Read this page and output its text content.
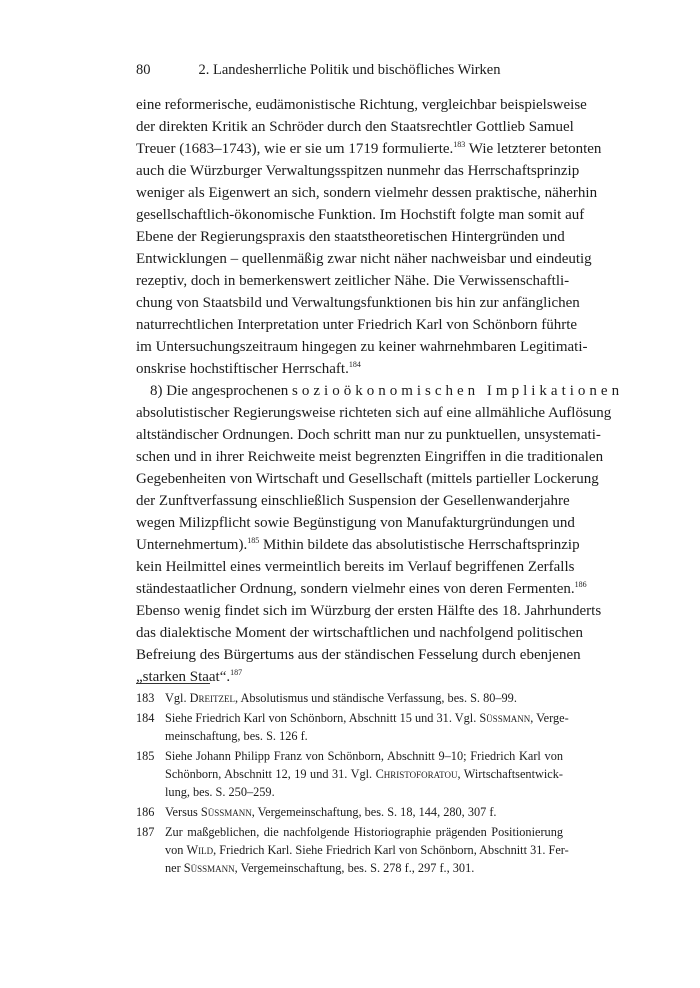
80	2. Landesherrliche Politik und bischöfliches Wirken
eine reformerische, eudämonistische Richtung, vergleichbar beispielsweise
der direkten Kritik an Schröder durch den Staatsrechtler Gottlieb Samuel
Treuer (1683–1743), wie er sie um 1719 formulierte.$^{183}$ Wie letzterer betonten
auch die Würzburger Verwaltungsspitzen nunmehr das Herrschaftsprinzip
weniger als Eigenwert an sich, sondern vielmehr dessen praktische, näherhin
gesellschaftlich-ökonomische Funktion. Im Hochstift folgte man somit auf
Ebene der Regierungspraxis den staatstheoretischen Hintergründen und
Entwicklungen – quellenmäßig zwar nicht näher nachweisbar und eindeutig
rezeptiv, doch in bemerkenswert zeitlicher Nähe. Die Verwissenschaftli-
chung von Staatsbild und Verwaltungsfunktionen bis hin zur anfänglichen
naturrechtlichen Interpretation unter Friedrich Karl von Schönborn führte
im Untersuchungszeitraum hingegen zu keiner wahrnehmbaren Legitimati-
onskrise hochstiftischer Herrschaft.$^{184}$
8) Die angesprochenen sozioökonomischen Implikationen
absolutistischer Regierungsweise richteten sich auf eine allmähliche Auflösung
altständischer Ordnungen. Doch schritt man nur zu punktuellen, unsystemati-
schen und in ihrer Reichweite meist begrenzten Eingriffen in die traditionalen
Gegebenheiten von Wirtschaft und Gesellschaft (mittels partieller Lockerung
der Zunftverfassung einschließlich Suspension der Gesellenwanderjahre
wegen Milizpflicht sowie Begünstigung von Manufakturgründungen und
Unternehmertum).$^{185}$ Mithin bildete das absolutistische Herrschaftsprinzip
kein Heilmittel eines vermeintlich bereits im Verlauf begriffenen Zerfalls
ständestaatlicher Ordnung, sondern vielmehr eines von deren Fermenten.$^{186}$
Ebenso wenig findet sich im Würzburg der ersten Hälfte des 18. Jahrhunderts
das dialektische Moment der wirtschaftlichen und nachfolgend politischen
Befreiung des Bürgertums aus der ständischen Fesselung durch ebenjenen
„starken Staat“.$^{187}$
183 Vgl. Dreitzel, Absolutismus und ständische Verfassung, bes. S. 80–99.
184 Siehe Friedrich Karl von Schönborn, Abschnitt 15 und 31. Vgl. Süssmann, Verge-
meinschaftung, bes. S. 126 f.
185 Siehe Johann Philipp Franz von Schönborn, Abschnitt 9–10; Friedrich Karl von
Schönborn, Abschnitt 12, 19 und 31. Vgl. Christoforatou, Wirtschaftsentwick-
lung, bes. S. 250–259.
186 Versus Süssmann, Vergemeinschaftung, bes. S. 18, 144, 280, 307 f.
187 Zur maßgeblichen, die nachfolgende Historiographie prägenden Positionierung
von Wild, Friedrich Karl. Siehe Friedrich Karl von Schönborn, Abschnitt 31. Fer-
ner Süssmann, Vergemeinschaftung, bes. S. 278 f., 297 f., 301.
